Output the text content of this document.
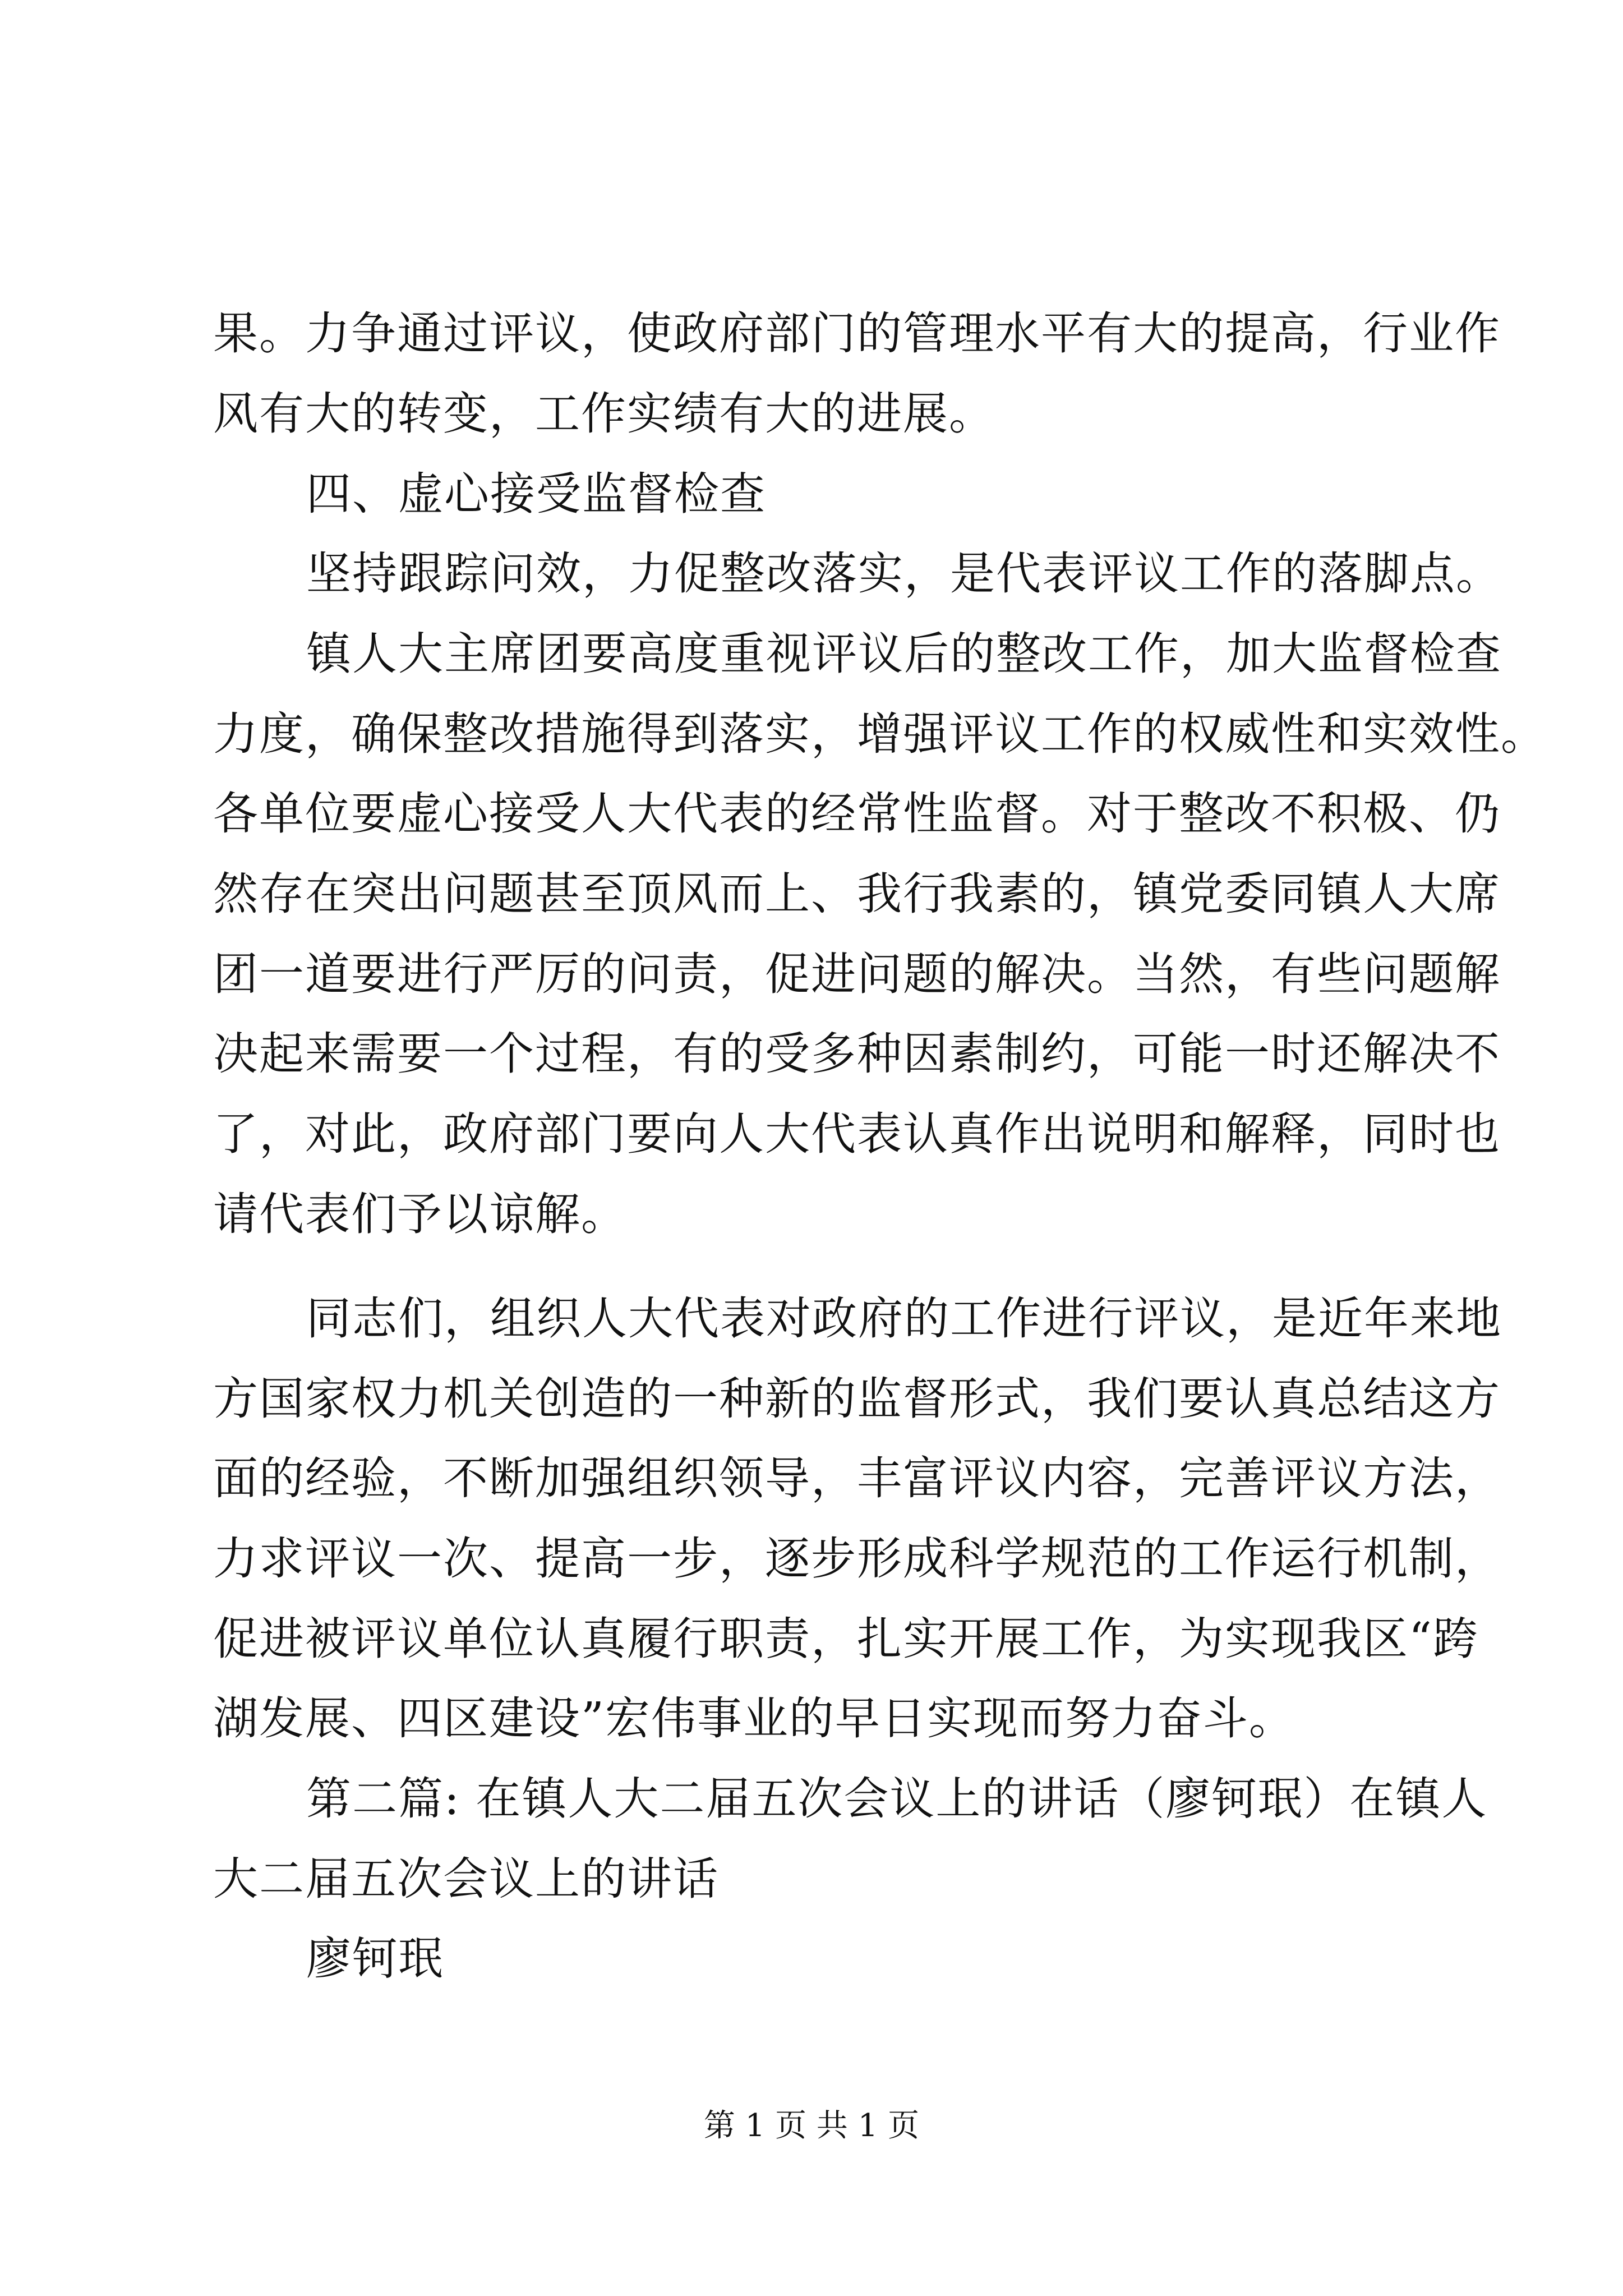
果。力争通过评议，使政府部门的管理水平有大的提高，行业作
风有大的转变，工作实绩有大的进展。
四、虚心接受监督检查
坚持跟踪问效，力促整改落实，是代表评议工作的落脚点。
镇人大主席团要高度重视评议后的整改工作，加大监督检查
力度，确保整改措施得到落实，增强评议工作的权威性和实效性。
各单位要虚心接受人大代表的经常性监督。对于整改不积极、仍
然存在突出问题甚至顶风而上、我行我素的，镇党委同镇人大席
团一道要进行严厉的问责，促进问题的解决。当然，有些问题解
决起来需要一个过程，有的受多种因素制约，可能一时还解决不
了，对此，政府部门要向人大代表认真作出说明和解释，同时也
请代表们予以谅解。
同志们，组织人大代表对政府的工作进行评议，是近年来地
方国家权力机关创造的一种新的监督形式，我们要认真总结这方
面的经验，不断加强组织领导，丰富评议内容，完善评议方法，
力求评议一次、提高一步，逐步形成科学规范的工作运行机制，
促进被评议单位认真履行职责，扎实开展工作，为实现我区“跨
湖发展、四区建设”宏伟事业的早日实现而努力奋斗。
第二篇: 在镇人大二届五次会议上的讲话（廖钶珉）在镇人
大二届五次会议上的讲话
廖钶珉
第 1 页 共 1 页
